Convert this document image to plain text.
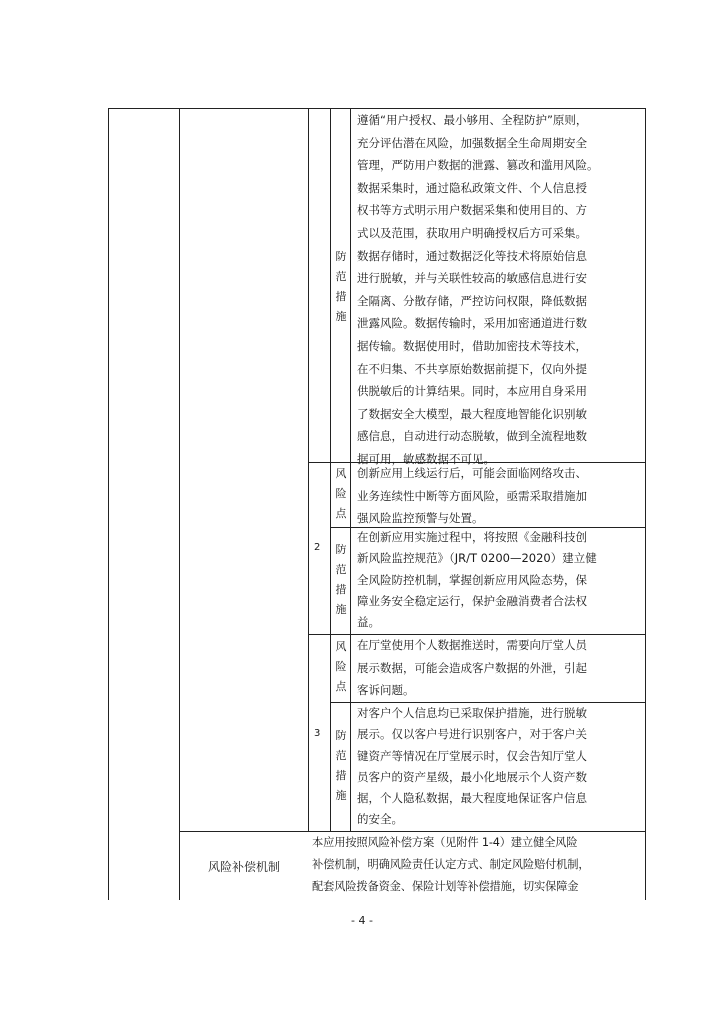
防
范
措
施
遵循“用户授权、最小够用、全程防护”原则，
充分评估潜在风险，加强数据全生命周期安全
管理，严防用户数据的泄露、篡改和滥用风险。
数据采集时，通过隐私政策文件、个人信息授
权书等方式明示用户数据采集和使用目的、方
式以及范围，获取用户明确授权后方可采集。
数据存储时，通过数据泛化等技术将原始信息
进行脱敏，并与关联性较高的敏感信息进行安
全隔离、分散存储，严控访问权限，降低数据
泄露风险。数据传输时，采用加密通道进行数
据传输。数据使用时，借助加密技术等技术，
在不归集、不共享原始数据前提下，仅向外提
供脱敏后的计算结果。同时，本应用自身采用
了数据安全大模型，最大程度地智能化识别敏
感信息，自动进行动态脱敏，做到全流程地数
据可用，敏感数据不可见。
2
风
险
点
创新应用上线运行后，可能会面临网络攻击、
业务连续性中断等方面风险，亟需采取措施加
强风险监控预警与处置。
防
范
措
施
在创新应用实施过程中，将按照《金融科技创
新风险监控规范》（JR/T 0200—2020）建立健
全风险防控机制，掌握创新应用风险态势，保
障业务安全稳定运行，保护金融消费者合法权
益。
3
风
险
点
在厅堂使用个人数据推送时，需要向厅堂人员
展示数据，可能会造成客户数据的外泄，引起
客诉问题。
防
范
措
施
对客户个人信息均已采取保护措施，进行脱敏
展示。仅以客户号进行识别客户，对于客户关
键资产等情况在厅堂展示时，仅会告知厅堂人
员客户的资产星级，最小化地展示个人资产数
据，个人隐私数据，最大程度地保证客户信息
的安全。
风险补偿机制
本应用按照风险补偿方案（见附件 1-4）建立健全风险
补偿机制，明确风险责任认定方式、制定风险赔付机制，
配套风险拨备资金、保险计划等补偿措施，切实保障金
- 4 -
